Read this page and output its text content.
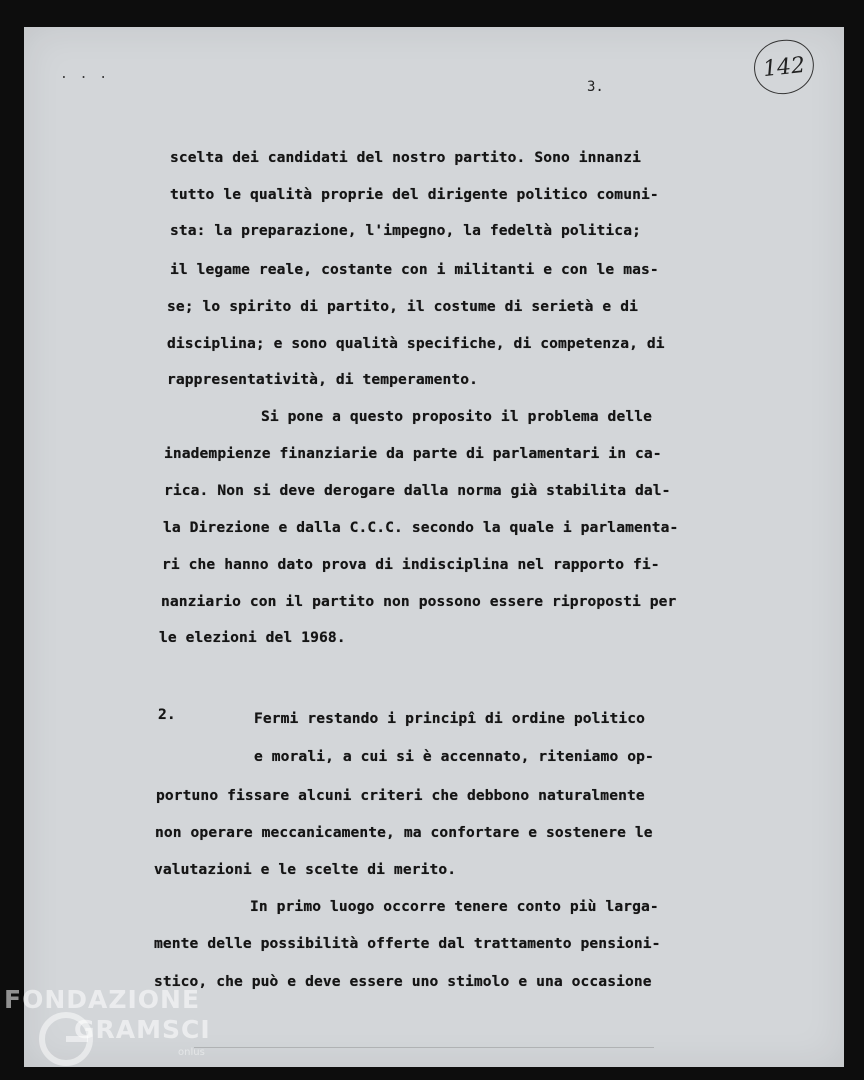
. . .
3.
142
scelta dei candidati del nostro partito. Sono innanzi
tutto le qualità proprie del dirigente politico comuni-
sta: la preparazione, l'impegno, la fedeltà politica;
il legame reale, costante con i militanti e con le mas-
se; lo spirito di partito, il costume di serietà e di
disciplina; e sono qualità specifiche, di competenza, di
rappresentatività, di temperamento.
Si pone a questo proposito il problema delle
inadempienze finanziarie da parte di parlamentari in ca-
rica. Non si deve derogare dalla norma già stabilita dal-
la Direzione e dalla C.C.C. secondo la quale i parlamenta-
ri che hanno dato prova di indisciplina nel rapporto fi-
nanziario con il partito non possono essere riproposti per
le elezioni del 1968.
2.	Fermi restando i principî di ordine politico
e morali, a cui si è accennato, riteniamo op-
portuno fissare alcuni criteri che debbono naturalmente
non operare meccanicamente, ma confortare e sostenere le
valutazioni e le scelte di merito.
In primo luogo occorre tenere conto più larga-
mente delle possibilità offerte dal trattamento pensioni-
stico, che può e deve essere uno stimolo e una occasione
FONDAZIONE
GRAMSCI
onlus
